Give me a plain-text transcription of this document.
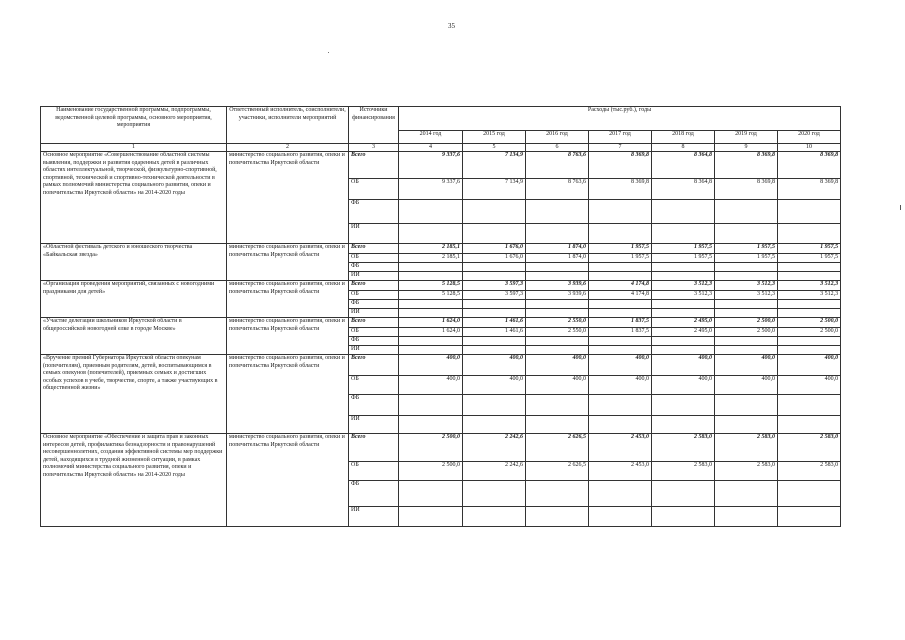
35
Наименование государственной программы, подпрограммы, ведомственной целевой программы, основного мероприятия, мероприятия	Ответственный исполнитель, соисполнители, участники, исполнители мероприятий	Источники финансирования	Расходы (тыс.руб.), годы						
			2014 год	2015 год	2016 год	2017 год	2018 год	2019 год	2020 год
1	2	3	4	5	6	7	8	9	10
Основное мероприятие «Совершенствование областной системы выявления, поддержки и развития одаренных детей в различных областях интеллектуальной, творческой, физкультурно-спортивной, спортивной, технической и спортивно-технической деятельности в рамках полномочий министерства социального развития, опеки и попечительства Иркутской области» на 2014-2020 годы	министерство социального развития, опеки и попечительства Иркутской области	Всего	9 337,6	7 134,9	8 763,6	8 369,8	8 364,8	8 369,8	8 369,8
		ОБ	9 337,6	7 134,9	8 763,6	8 369,8	8 364,8	8 369,8	8 369,8
		ФБ							
		ИИ							
«Областной фестиваль детского и юношеского творчества «Байкальская звезда»	министерство социального развития, опеки и попечительства Иркутской области	Всего	2 185,1	1 676,0	1 874,0	1 957,5	1 957,5	1 957,5	1 957,5
		ОБ	2 185,1	1 676,0	1 874,0	1 957,5	1 957,5	1 957,5	1 957,5
		ФБ							
		ИИ							
«Организация проведения мероприятий, связанных с новогодними праздниками для детей»	министерство социального развития, опеки и попечительства Иркутской области	Всего	5 128,5	3 597,3	3 939,6	4 174,8	3 512,3	3 512,3	3 512,3
		ОБ	5 128,5	3 597,3	3 939,6	4 174,8	3 512,3	3 512,3	3 512,3
		ФБ							
		ИИ							
«Участие делегации школьников Иркутской области в общероссийской новогодней елке в городе Москве»	министерство социального развития, опеки и попечительства Иркутской области	Всего	1 624,0	1 461,6	2 550,0	1 837,5	2 495,0	2 500,0	2 500,0
		ОБ	1 624,0	1 461,6	2 550,0	1 837,5	2 495,0	2 500,0	2 500,0
		ФБ							
		ИИ							
«Вручение премий Губернатора Иркутской области опекунам (попечителям), приемным родителям, детей, воспитывающимся в семьях опекунов (попечителей), приемных семьях и достигших особых успехов в учебе, творчестве, спорте, а также участвующих в общественной жизни»	министерство социального развития, опеки и попечительства Иркутской области	Всего	400,0	400,0	400,0	400,0	400,0	400,0	400,0
		ОБ	400,0	400,0	400,0	400,0	400,0	400,0	400,0
		ФБ							
		ИИ							
Основное мероприятие «Обеспечение и защита прав и законных интересов детей, профилактика безнадзорности и правонарушений несовершеннолетних, создания эффективной системы мер поддержки детей, находящихся в трудной жизненной ситуации, в рамках полномочий министерства социального развития, опеки и попечительства Иркутской области» на 2014-2020 годы	министерство социального развития, опеки и попечительства Иркутской области	Всего	2 500,0	2 242,6	2 626,5	2 453,0	2 583,0	2 583,0	2 583,0
		ОБ	2 500,0	2 242,6	2 626,5	2 453,0	2 583,0	2 583,0	2 583,0
		ФБ							
		ИИ							
